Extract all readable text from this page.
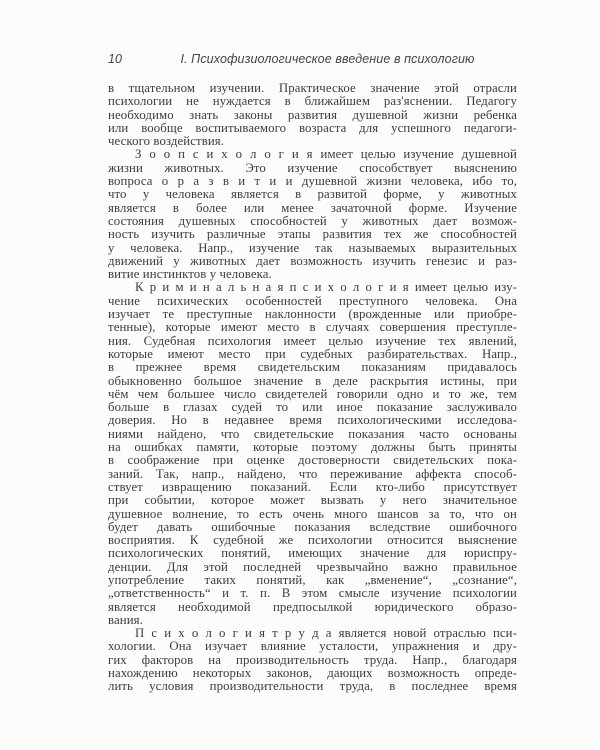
10	I. Психофизиологическое введение в психологию
в тщательном изучении. Практическое значение этой отрасли
психологии не нуждается в ближайшем раз'яснении. Педагогу
необходимо знать законы развития душевной жизни ребенка
или вообще воспитываемого возраста для успешного педагоги-
ческого воздействия.
З о о п с и х о л о г и я имеет целью изучение душевной
жизни животных. Это изучение способствует выяснению
вопроса о р а з в и т и и душевной жизни человека, ибо то,
что у человека является в развитой форме, у животных
является в более или менее зачаточной форме. Изучение
состояния душевных способностей у животных дает возмож-
ность изучить различные этапы развития тех же способностей
у человека. Напр., изучение так называемых выразительных
движений у животных дает возможность изучить генезис и раз-
витие инстинктов у человека.
К р и м и н а л ь н а я п с и х о л о г и я имеет целью изу-
чение психических особенностей преступного человека. Она
изучает те преступные наклонности (врожденные или приобре-
тенные), которые имеют место в случаях совершения преступле-
ния. Судебная психология имеет целью изучение тех явлений,
которые имеют место при судебных разбирательствах. Напр.,
в прежнее время свидетельским показаниям придавалось
обыкновенно большое значение в деле раскрытия истины, при
чём чем большее число свидетелей говорили одно и то же, тем
больше в глазах судей то или иное показание заслуживало
доверия. Но в недавнее время психологическими исследова-
ниями найдено, что свидетельские показания часто основаны
на ошибках памяти, которые поэтому должны быть приняты
в соображение при оценке достоверности свидетельских пока-
заний. Так, напр., найдено, что переживание аффекта способ-
ствует извращению показаний. Если кто-либо присутствует
при событии, которое может вызвать у него значительное
душевное волнение, то есть очень много шансов за то, что он
будет давать ошибочные показания вследствие ошибочного
восприятия. К судебной же психологии относится выяснение
психологических понятий, имеющих значение для юриспру-
денции. Для этой последней чрезвычайно важно правильное
употребление таких понятий, как „вменение“, „сознание“,
„ответственность“ и т. п. В этом смысле изучение психологии
является необходимой предпосылкой юридического образо-
вания.
П с и х о л о г и я т р у д а является новой отраслью пси-
хологии. Она изучает влияние усталости, упражнения и дру-
гих факторов на производительность труда. Напр., благодаря
нахождению некоторых законов, дающих возможность опреде-
лить условия производительности труда, в последнее время
